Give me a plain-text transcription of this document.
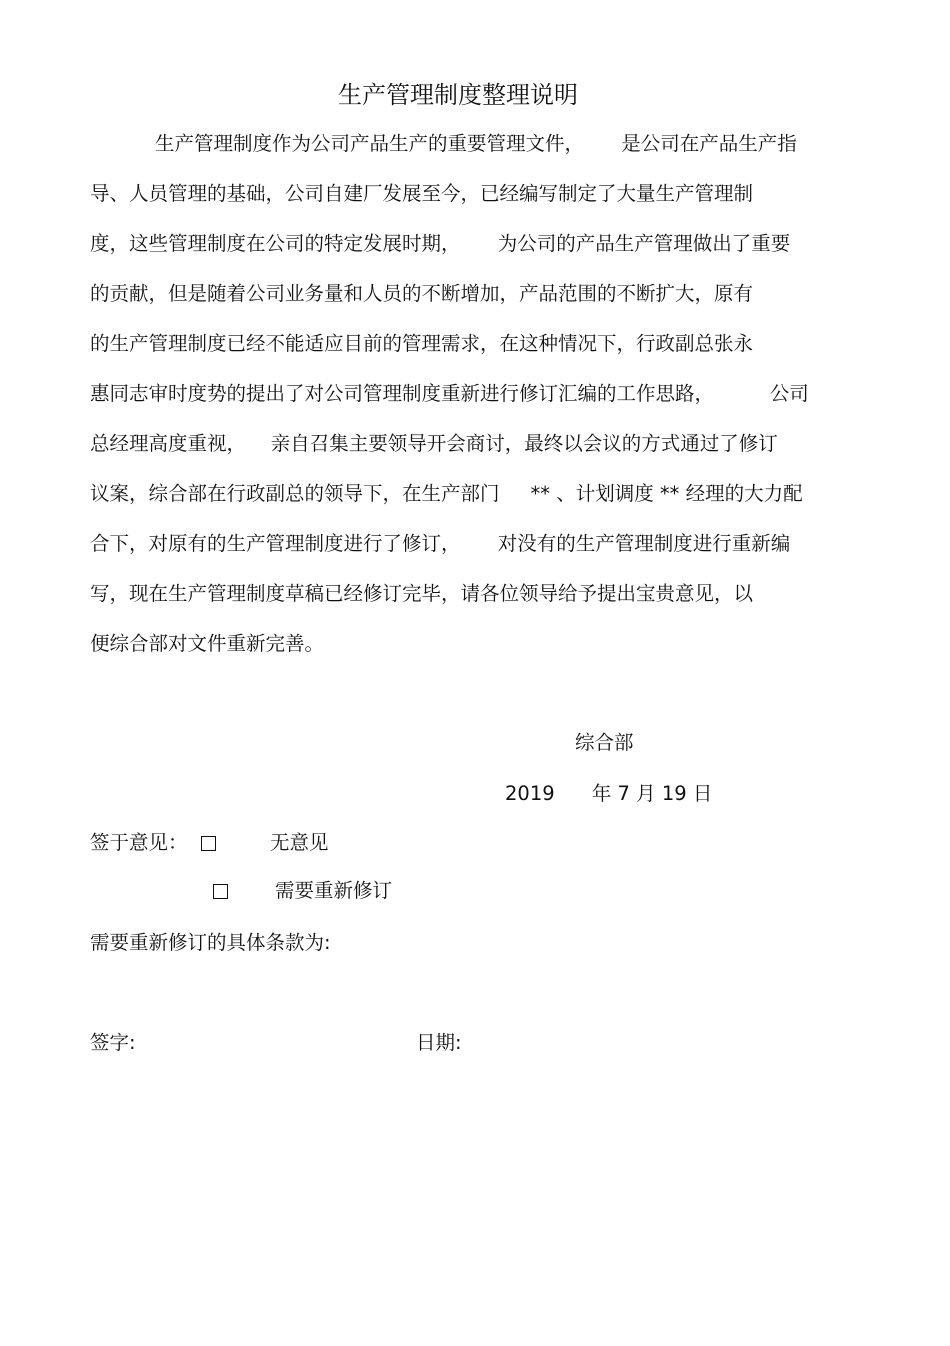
生产管理制度整理说明
生产管理制度作为公司产品生产的重要管理文件，      是公司在产品生产指
导、人员管理的基础，公司自建厂发展至今，已经编写制定了大量生产管理制
度，这些管理制度在公司的特定发展时期，      为公司的产品生产管理做出了重要
的贡献，但是随着公司业务量和人员的不断增加，产品范围的不断扩大，原有
的生产管理制度已经不能适应目前的管理需求，在这种情况下，行政副总张永
惠同志审时度势的提出了对公司管理制度重新进行修订汇编的工作思路，         公司
总经理高度重视，    亲自召集主要领导开会商讨，最终以会议的方式通过了修订
议案，综合部在行政副总的领导下，在生产部门     ** 、计划调度 ** 经理的大力配
合下，对原有的生产管理制度进行了修订，      对没有的生产管理制度进行重新编
写，现在生产管理制度草稿已经修订完毕，请各位领导给予提出宝贵意见，以
便综合部对文件重新完善。
综合部
2019      年 7 月 19 日
签于意见：	无意见
需要重新修订
需要重新修订的具体条款为:
签字:	日期:
